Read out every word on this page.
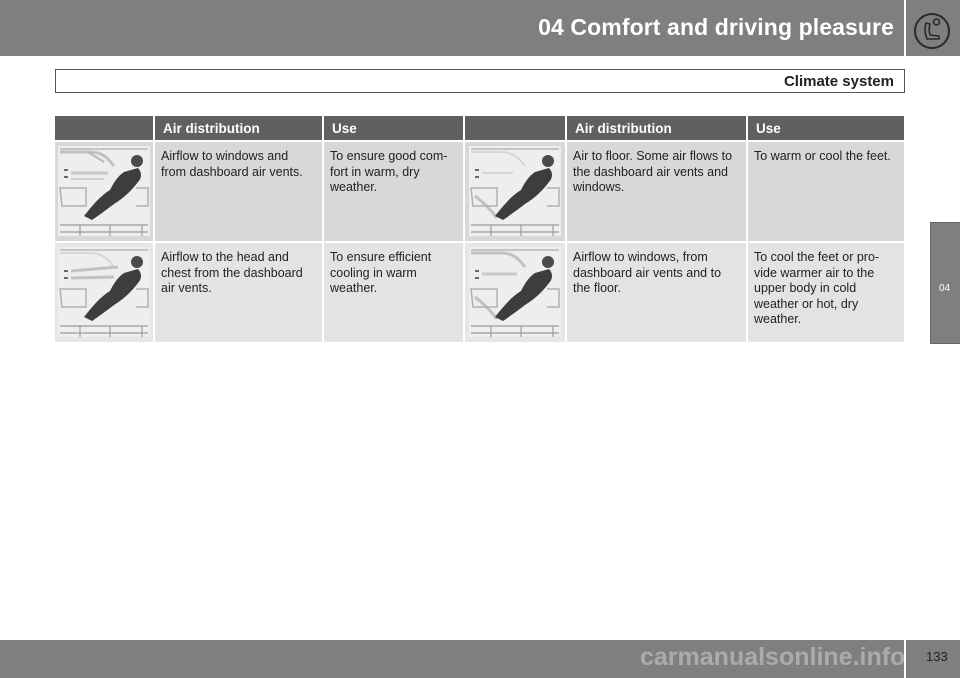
04 Comfort and driving pleasure
Climate system
04
	Air distribution	Use		Air distribution	Use

	Airflow to windows and from dashboard air vents.	To ensure good com-fort in warm, dry weather.		Air to floor. Some air flows to the dashboard air vents and windows.	To warm or cool the feet.

	Airflow to the head and chest from the dashboard air vents.	To ensure efficient cooling in warm weather.		Airflow to windows, from dashboard air vents and to the floor.	To cool the feet or pro-vide warmer air to the upper body in cold weather or hot, dry weather.
133
carmanualsonline.info
